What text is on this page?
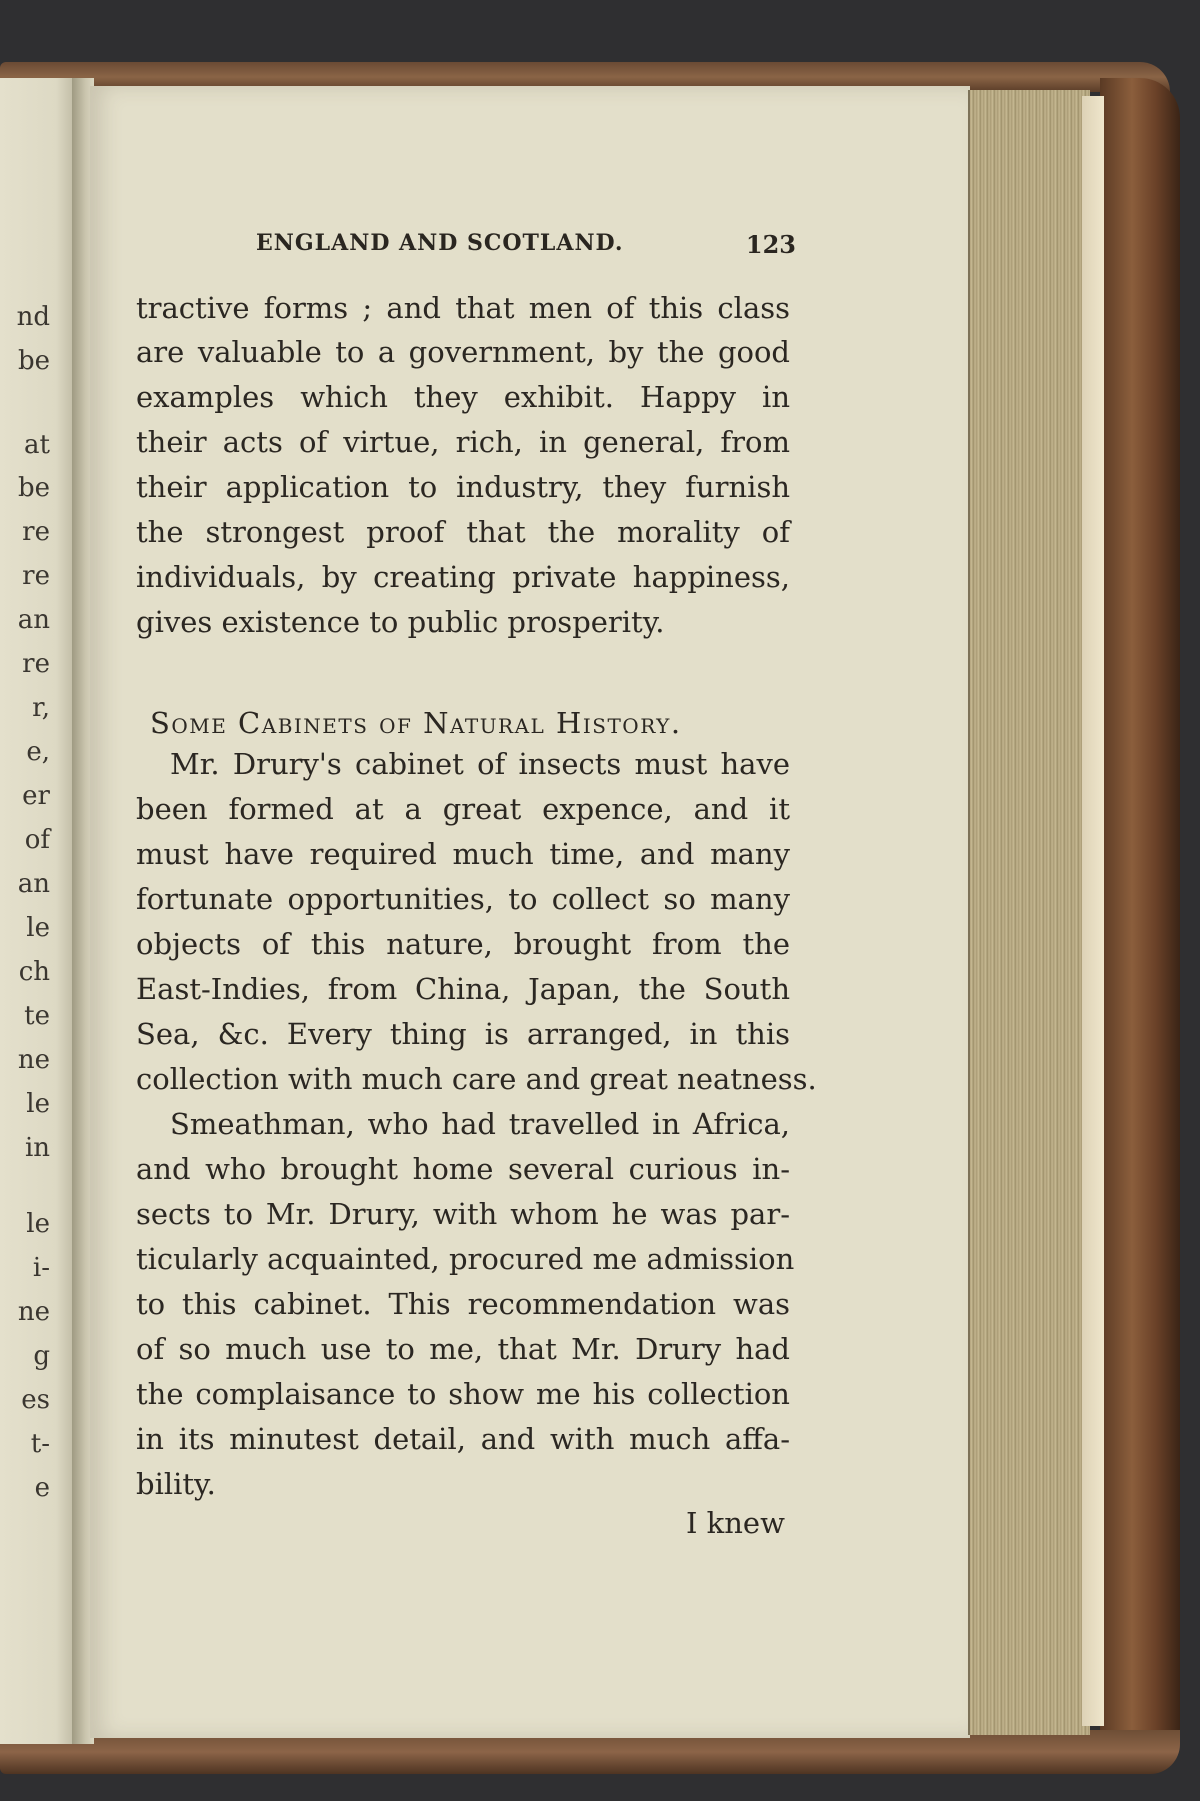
nd
be
at
be
re
re
an
re
r,
e,
er
of
an
le
ch
te
ne
le
in
le
i-
ne
g
es
t-
e
ENGLAND AND SCOTLAND.	123
tractive forms ; and that men of this class
are valuable to a government, by the good
examples which they exhibit. Happy in
their acts of virtue, rich, in general, from
their application to industry, they furnish
the strongest proof that the morality of
individuals, by creating private happiness,
gives existence to public prosperity.
Some Cabinets of Natural History.
Mr. Drury's cabinet of insects must have
been formed at a great expence, and it
must have required much time, and many
fortunate opportunities, to collect so many
objects of this nature, brought from the
East-Indies, from China, Japan, the South
Sea, &c. Every thing is arranged, in this
collection with much care and great neatness.
Smeathman, who had travelled in Africa,
and who brought home several curious in-
sects to Mr. Drury, with whom he was par-
ticularly acquainted, procured me admission
to this cabinet. This recommendation was
of so much use to me, that Mr. Drury had
the complaisance to show me his collection
in its minutest detail, and with much affa-
bility.
I knew
